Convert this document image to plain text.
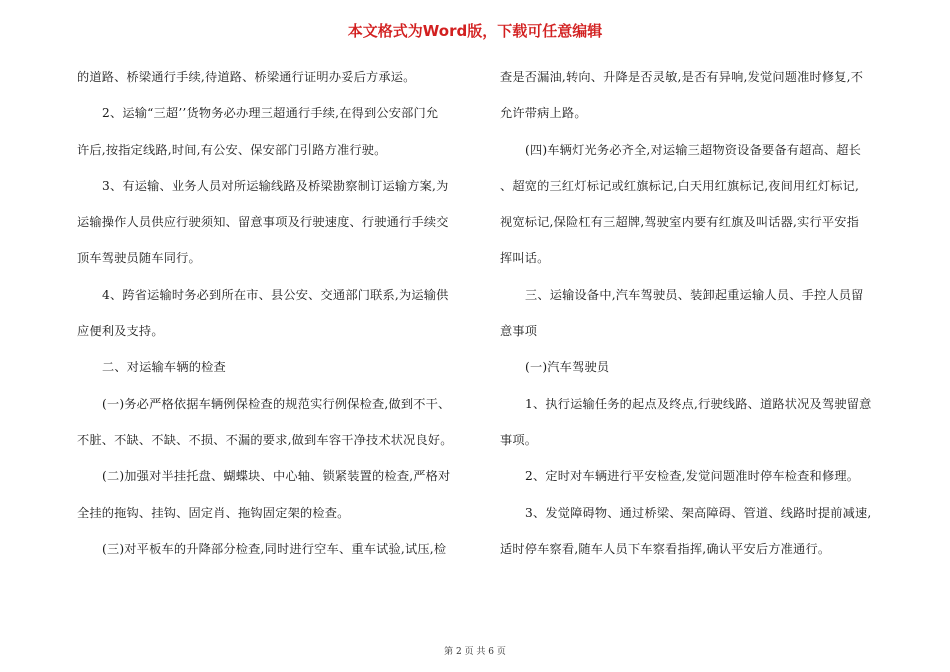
本文格式为Word版，下载可任意编辑
的道路、桥梁通行手续,待道路、桥梁通行证明办妥后方承运。
2、运输“三超’’货物务必办理三超通行手续,在得到公安部门允
许后,按指定线路,时间,有公安、保安部门引路方准行驶。
3、有运输、业务人员对所运输线路及桥梁勘察制订运输方案,为
运输操作人员供应行驶须知、留意事项及行驶速度、行驶通行手续交
顶车驾驶员随车同行。
4、跨省运输时务必到所在市、县公安、交通部门联系,为运输供
应便利及支持。
二、对运输车辆的检查
(一)务必严格依据车辆例保检查的规范实行例保检查,做到不干、
不脏、不缺、不缺、不损、不漏的要求,做到车容干净技术状况良好。
(二)加强对半挂托盘、蝴蝶块、中心轴、锁紧装置的检查,严格对
全挂的拖钩、挂钩、固定肖、拖钩固定架的检查。
(三)对平板车的升降部分检查,同时进行空车、重车试验,试压,检
查是否漏油,转向、升降是否灵敏,是否有异响,发觉问题准时修复,不
允许带病上路。
(四)车辆灯光务必齐全,对运输三超物资设备要备有超高、超长
、超宽的三红灯标记或红旗标记,白天用红旗标记,夜间用红灯标记,
视宽标记,保险杠有三超牌,驾驶室内要有红旗及叫话器,实行平安指
挥叫话。
三、运输设备中,汽车驾驶员、装卸起重运输人员、手控人员留
意事项
(一)汽车驾驶员
1、执行运输任务的起点及终点,行驶线路、道路状况及驾驶留意
事项。
2、定时对车辆进行平安检查,发觉问题准时停车检查和修理。
3、发觉障碍物、通过桥梁、架高障碍、管道、线路时提前减速,
适时停车察看,随车人员下车察看指挥,确认平安后方准通行。
第 2 页 共 6 页
